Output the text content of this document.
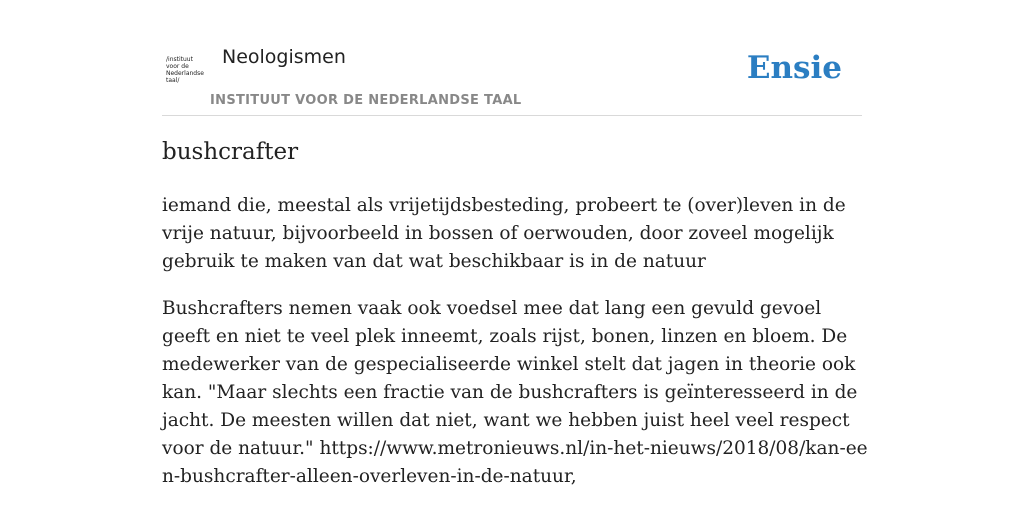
/instituut
voor de
Nederlandse
taal/
Neologismen
INSTITUUT VOOR DE NEDERLANDSE TAAL
Ensie
bushcrafter

iemand die, meestal als vrijetijdsbesteding, probeert te (over)leven in de vrije natuur, bijvoorbeeld in bossen of oerwouden, door zoveel mogelijk gebruik te maken van dat wat beschikbaar is in de natuur

Bushcrafters nemen vaak ook voedsel mee dat lang een gevuld gevoel geeft en niet te veel plek inneemt, zoals rijst, bonen, linzen en bloem. De medewerker van de gespecialiseerde winkel stelt dat jagen in theorie ook kan. "Maar slechts een fractie van de bushcrafters is geïnteresseerd in de jacht. De meesten willen dat niet, want we hebben juist heel veel respect voor de natuur." https://www.metronieuws.nl/in-het-nieuws/2018/08/kan-een-bushcrafter-alleen-overleven-in-de-natuur,
